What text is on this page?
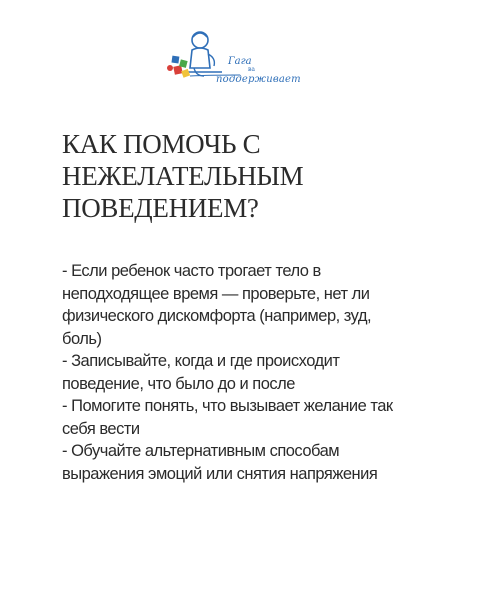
Гага
ва
поддерживает
КАК ПОМОЧЬ С
НЕЖЕЛАТЕЛЬНЫМ
ПОВЕДЕНИЕМ?
- Если ребенок часто трогает тело в
неподходящее время — проверьте, нет ли
физического дискомфорта (например, зуд,
боль)
- Записывайте, когда и где происходит
поведение, что было до и после
- Помогите понять, что вызывает желание так
себя вести
- Обучайте альтернативным способам
выражения эмоций или снятия напряжения
